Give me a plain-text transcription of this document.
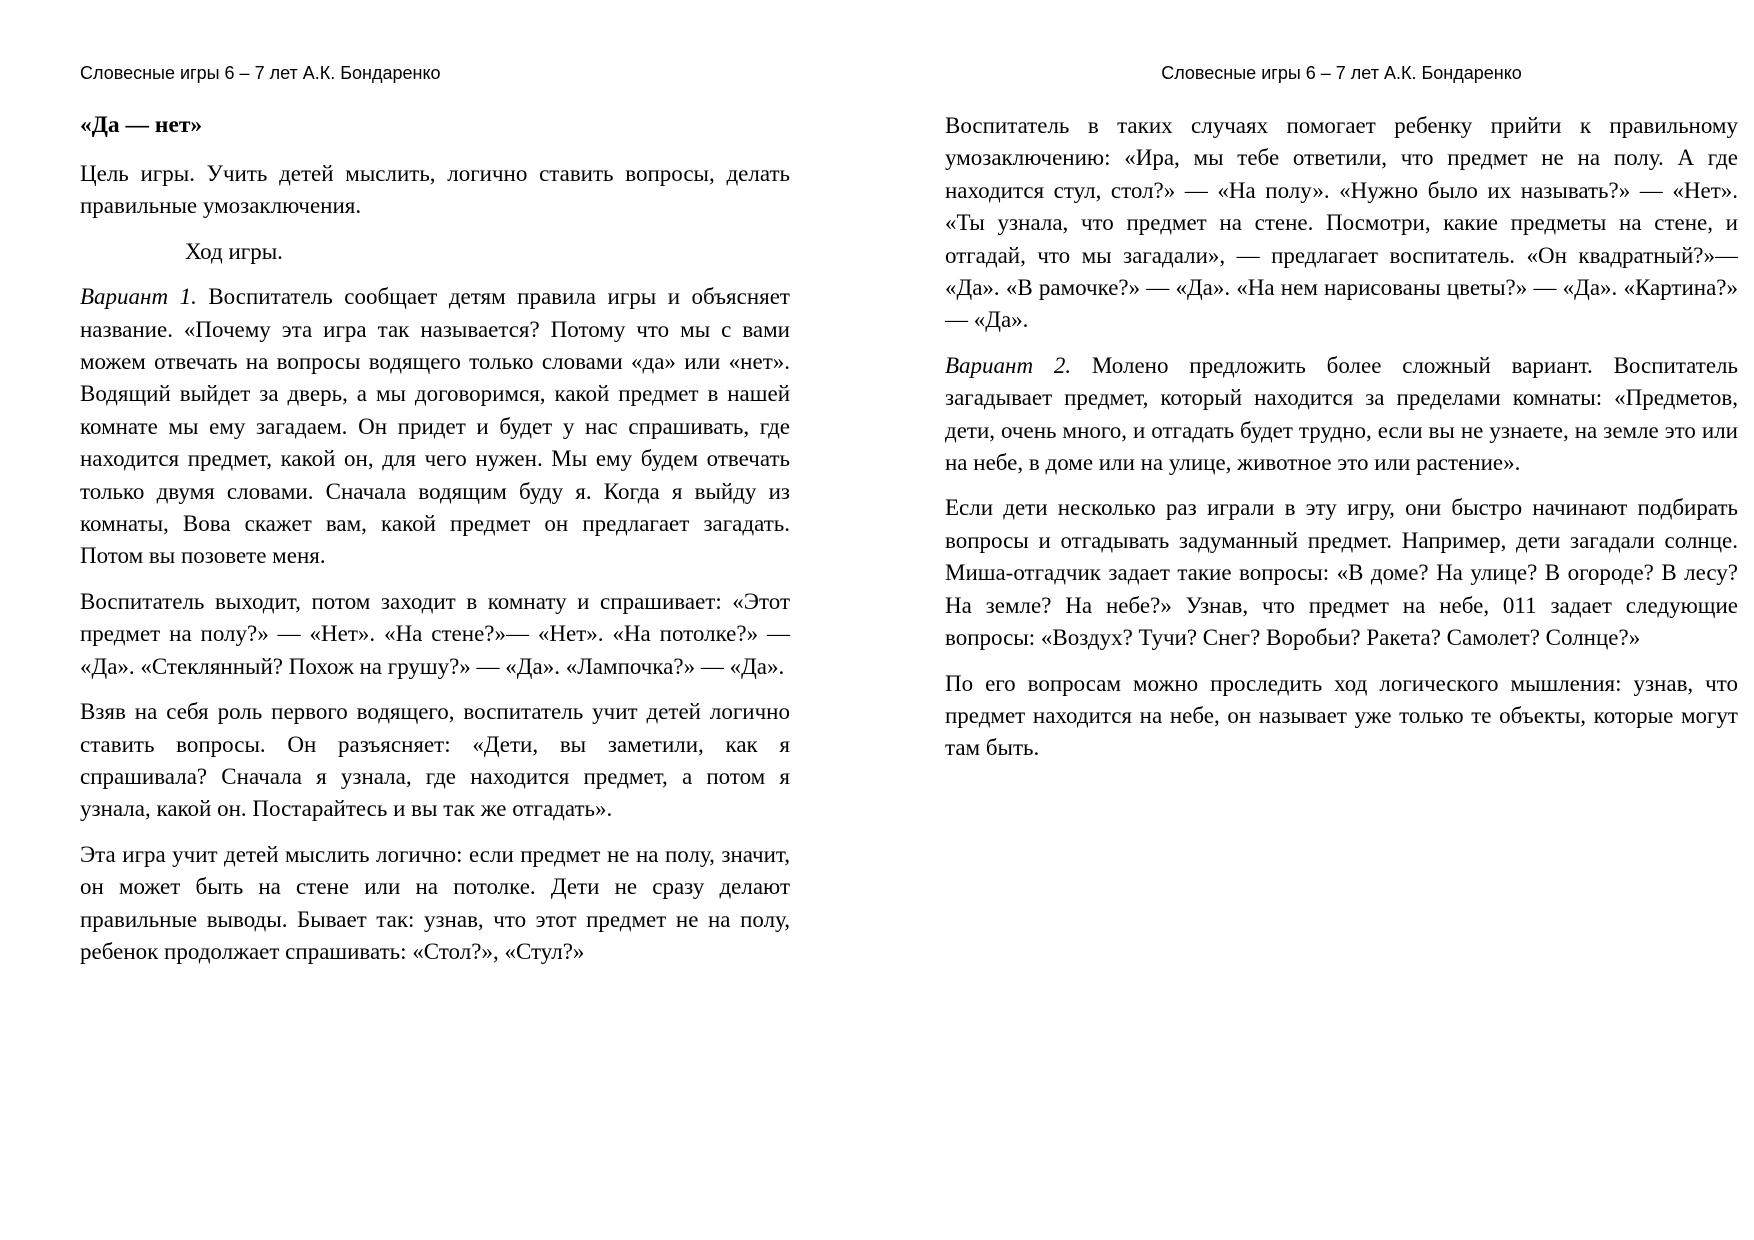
Словесные игры 6 – 7 лет А.К. Бондаренко

«Да — нет»

Цель игры. Учить детей мыслить, логично ставить вопросы, делать правильные умозаключения.

Ход игры.

Вариант 1. Воспитатель сообщает детям правила игры и объясняет название. «Почему эта игра так называется? Потому что мы с вами можем отвечать на вопросы водящего только словами «да» или «нет». Водящий выйдет за дверь, а мы договоримся, какой предмет в нашей комнате мы ему загадаем. Он придет и будет у нас спрашивать, где находится предмет, какой он, для чего нужен. Мы ему будем отвечать только двумя словами. Сначала водящим буду я. Когда я выйду из комнаты, Вова скажет вам, какой предмет он предлагает загадать. Потом вы позовете меня.

Воспитатель выходит, потом заходит в комнату и спрашивает: «Этот предмет на полу?» — «Нет». «На стене?»— «Нет». «На потолке?» — «Да». «Стеклянный? Похож на грушу?» — «Да». «Лампочка?» — «Да».

Взяв на себя роль первого водящего, воспитатель учит детей логично ставить вопросы. Он разъясняет: «Дети, вы заметили, как я спрашивала? Сначала я узнала, где находится предмет, а потом я узнала, какой он. Постарайтесь и вы так же отгадать».

Эта игра учит детей мыслить логично: если предмет не на полу, значит, он может быть на стене или на потолке. Дети не сразу делают правильные выводы. Бывает так: узнав, что этот предмет не на полу, ребенок продолжает спрашивать: «Стол?», «Стул?»

Словесные игры 6 – 7 лет А.К. Бондаренко

Воспитатель в таких случаях помогает ребенку прийти к правильному умозаключению: «Ира, мы тебе ответили, что предмет не на полу. А где находится стул, стол?» — «На полу». «Нужно было их называть?» — «Нет». «Ты узнала, что предмет на стене. Посмотри, какие предметы на стене, и отгадай, что мы загадали», — предлагает воспитатель. «Он квадратный?»— «Да». «В рамочке?» — «Да». «На нем нарисованы цветы?» — «Да». «Картина?» — «Да».

Вариант 2. Молено предложить более сложный вариант. Воспитатель загадывает предмет, который находится за пределами комнаты: «Предметов, дети, очень много, и отгадать будет трудно, если вы не узнаете, на земле это или на небе, в доме или на улице, животное это или растение».

Если дети несколько раз играли в эту игру, они быстро начинают подбирать вопросы и отгадывать задуманный предмет. Например, дети загадали солнце. Миша-отгадчик задает такие вопросы: «В доме? На улице? В огороде? В лесу? На земле? На небе?» Узнав, что предмет на небе, 011 задает следующие вопросы: «Воздух? Тучи? Снег? Воробьи? Ракета? Самолет? Солнце?»

По его вопросам можно проследить ход логического мышления: узнав, что предмет находится на небе, он называет уже только те объекты, которые могут там быть.
